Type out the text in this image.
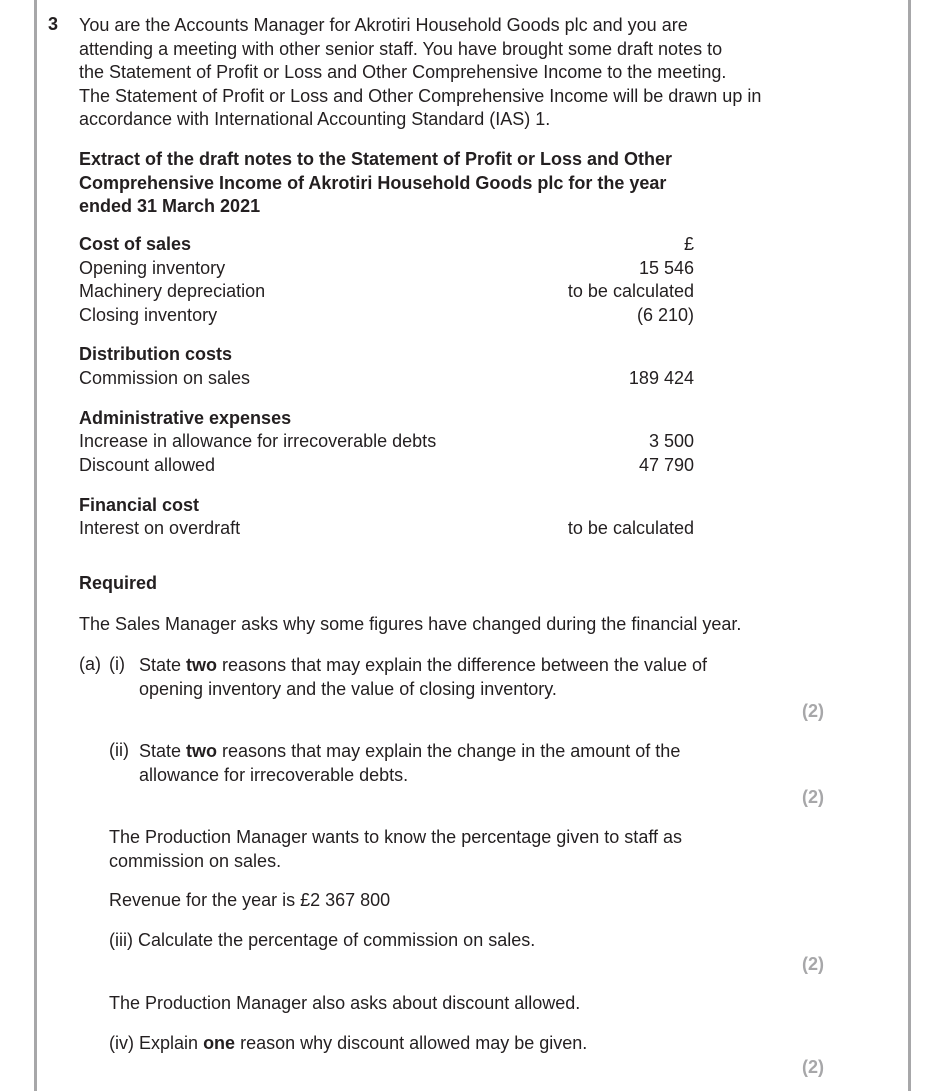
3 You are the Accounts Manager for Akrotiri Household Goods plc and you are
attending a meeting with other senior staff. You have brought some draft notes to
the Statement of Profit or Loss and Other Comprehensive Income to the meeting.
The Statement of Profit or Loss and Other Comprehensive Income will be drawn up in
accordance with International Accounting Standard (IAS) 1.
Extract of the draft notes to the Statement of Profit or Loss and Other
Comprehensive Income of Akrotiri Household Goods plc for the year
ended 31 March 2021
Cost of sales	£
Opening inventory	15 546
Machinery depreciation	to be calculated
Closing inventory	(6 210)
Distribution costs
Commission on sales	189 424
Administrative expenses
Increase in allowance for irrecoverable debts	3 500
Discount allowed	47 790
Financial cost
Interest on overdraft	to be calculated
Required
The Sales Manager asks why some figures have changed during the financial year.
(a) (i) State two reasons that may explain the difference between the value of
opening inventory and the value of closing inventory.
(2)
(ii) State two reasons that may explain the change in the amount of the
allowance for irrecoverable debts.
(2)
The Production Manager wants to know the percentage given to staff as
commission on sales.
Revenue for the year is £2 367 800
(iii) Calculate the percentage of commission on sales.
(2)
The Production Manager also asks about discount allowed.
(iv) Explain one reason why discount allowed may be given.
(2)
